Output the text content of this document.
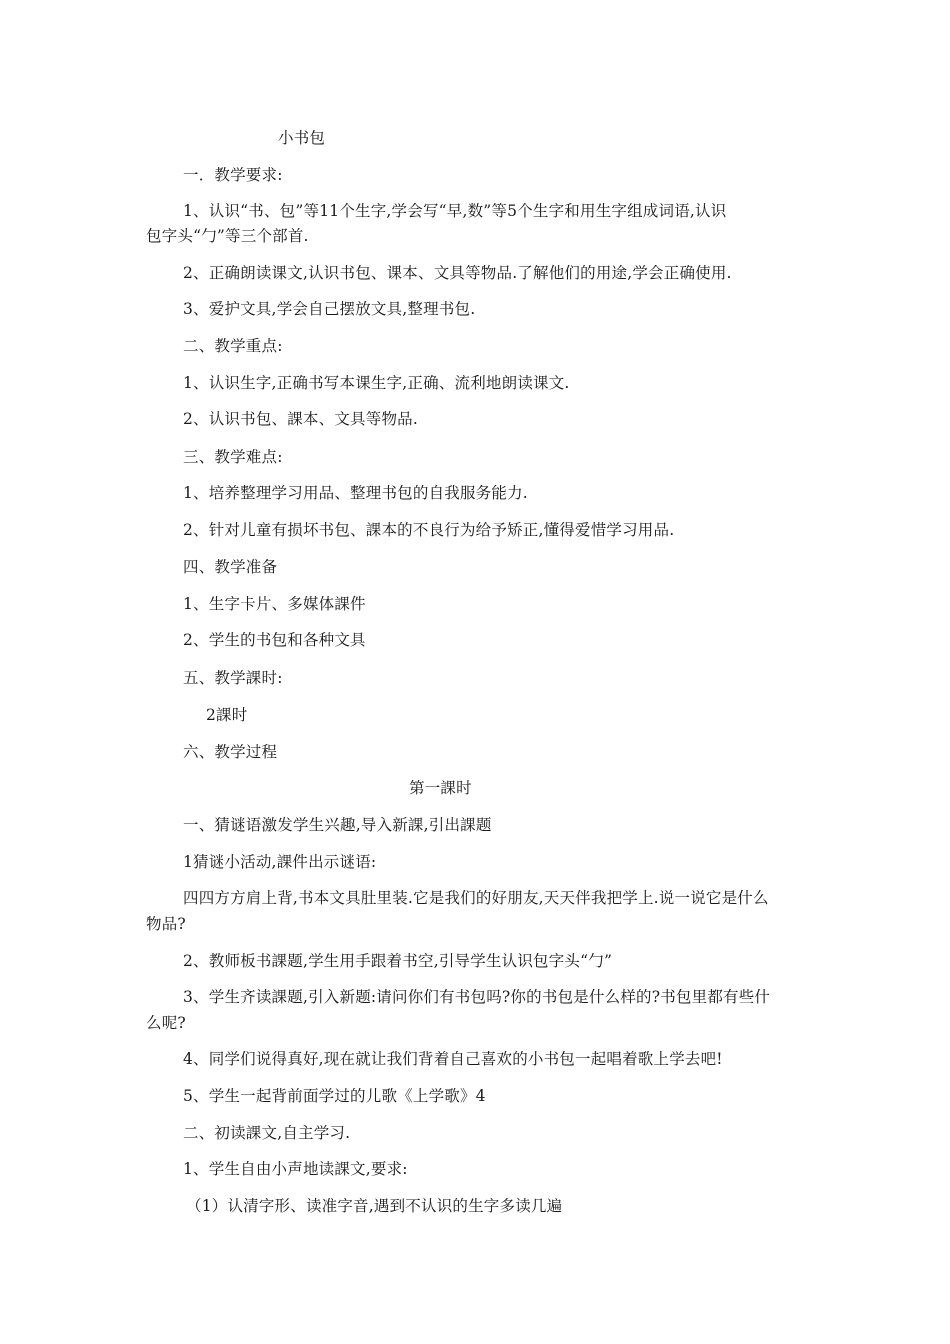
小书包
一．教学要求:
1、认识“书、包”等11个生字,学会写“早,数”等5个生字和用生字组成词语,认识
包字头“勹”等三个部首.
2、正确朗读课文,认识书包、课本、文具等物品.了解他们的用途,学会正确使用.
3、爱护文具,学会自己摆放文具,整理书包.
二、教学重点:
1、认识生字,正确书写本课生字,正确、流利地朗读课文.
2、认识书包、課本、文具等物品.
三、教学难点:
1、培养整理学习用品、整理书包的自我服务能力.
2、针对儿童有损坏书包、課本的不良行为给予矫正,懂得爱惜学习用品.
四、教学准备
1、生字卡片、多媒体課件
2、学生的书包和各种文具
五、教学課时:
2課时
六、教学过程
第一課时
一、猜谜语激发学生兴趣,导入新課,引出課题
1猜谜小活动,課件出示谜语:
四四方方肩上背,书本文具肚里装.它是我们的好朋友,天天伴我把学上.说一说它是什么
物品?
2、教师板书課题,学生用手跟着书空,引导学生认识包字头“勹”
3、学生齐读課题,引入新题:请问你们有书包吗?你的书包是什么样的?书包里都有些什
么呢?
4、同学们说得真好,现在就让我们背着自己喜欢的小书包一起唱着歌上学去吧!
5、学生一起背前面学过的儿歌《上学歌》4
二、初读課文,自主学习.
1、学生自由小声地读課文,要求:
（1）认清字形、读准字音,遇到不认识的生字多读几遍
